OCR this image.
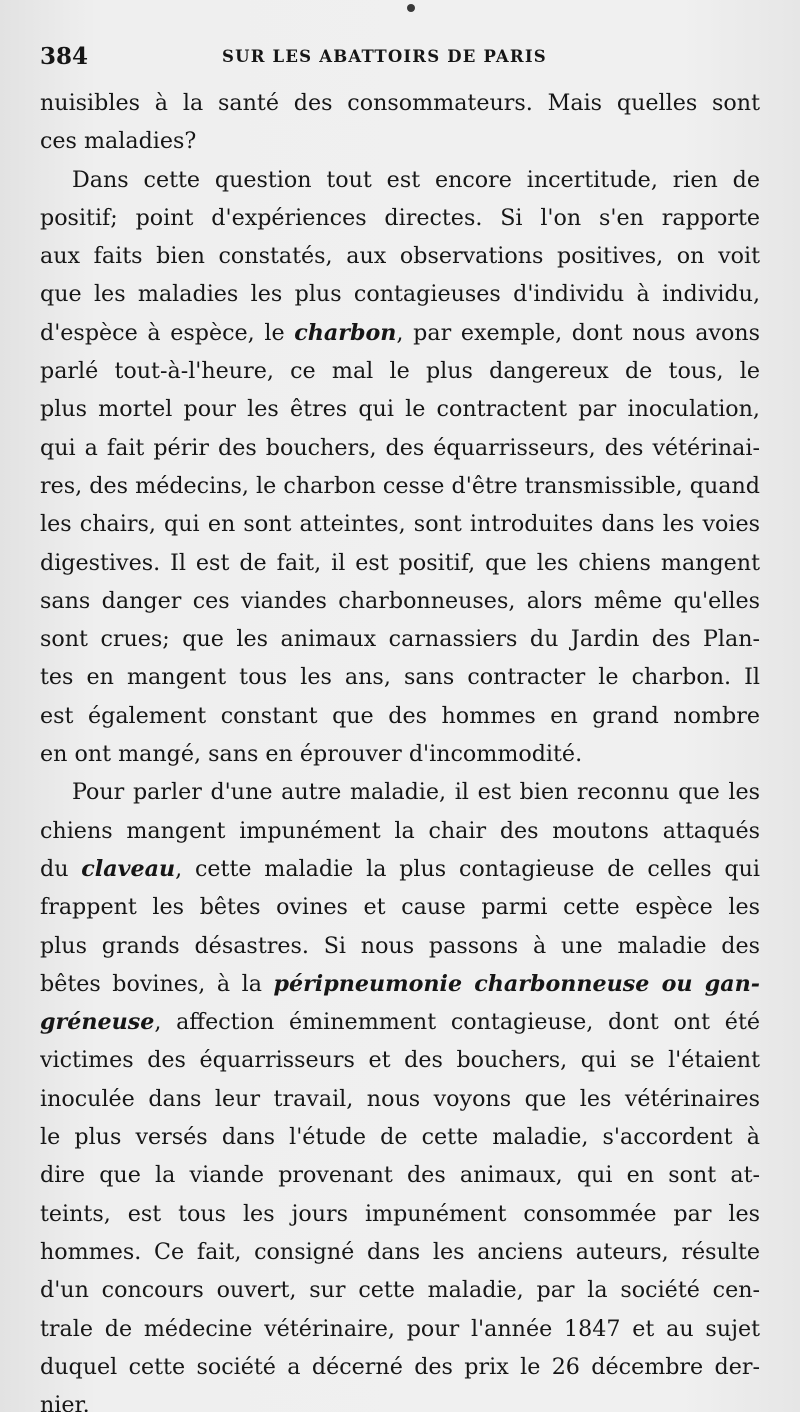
384	SUR LES ABATTOIRS DE PARIS
nuisibles à la santé des consommateurs. Mais quelles sont
ces maladies?
Dans cette question tout est encore incertitude, rien de
positif; point d'expériences directes. Si l'on s'en rapporte
aux faits bien constatés, aux observations positives, on voit
que les maladies les plus contagieuses d'individu à individu,
d'espèce à espèce, le charbon, par exemple, dont nous avons
parlé tout-à-l'heure, ce mal le plus dangereux de tous, le
plus mortel pour les êtres qui le contractent par inoculation,
qui a fait périr des bouchers, des équarrisseurs, des vétérinai-
res, des médecins, le charbon cesse d'être transmissible, quand
les chairs, qui en sont atteintes, sont introduites dans les voies
digestives. Il est de fait, il est positif, que les chiens mangent
sans danger ces viandes charbonneuses, alors même qu'elles
sont crues; que les animaux carnassiers du Jardin des Plan-
tes en mangent tous les ans, sans contracter le charbon. Il
est également constant que des hommes en grand nombre
en ont mangé, sans en éprouver d'incommodité.
Pour parler d'une autre maladie, il est bien reconnu que les
chiens mangent impunément la chair des moutons attaqués
du claveau, cette maladie la plus contagieuse de celles qui
frappent les bêtes ovines et cause parmi cette espèce les
plus grands désastres. Si nous passons à une maladie des
bêtes bovines, à la péripneumonie charbonneuse ou gan-
gréneuse, affection éminemment contagieuse, dont ont été
victimes des équarrisseurs et des bouchers, qui se l'étaient
inoculée dans leur travail, nous voyons que les vétérinaires
le plus versés dans l'étude de cette maladie, s'accordent à
dire que la viande provenant des animaux, qui en sont at-
teints, est tous les jours impunément consommée par les
hommes. Ce fait, consigné dans les anciens auteurs, résulte
d'un concours ouvert, sur cette maladie, par la société cen-
trale de médecine vétérinaire, pour l'année 1847 et au sujet
duquel cette société a décerné des prix le 26 décembre der-
nier.
